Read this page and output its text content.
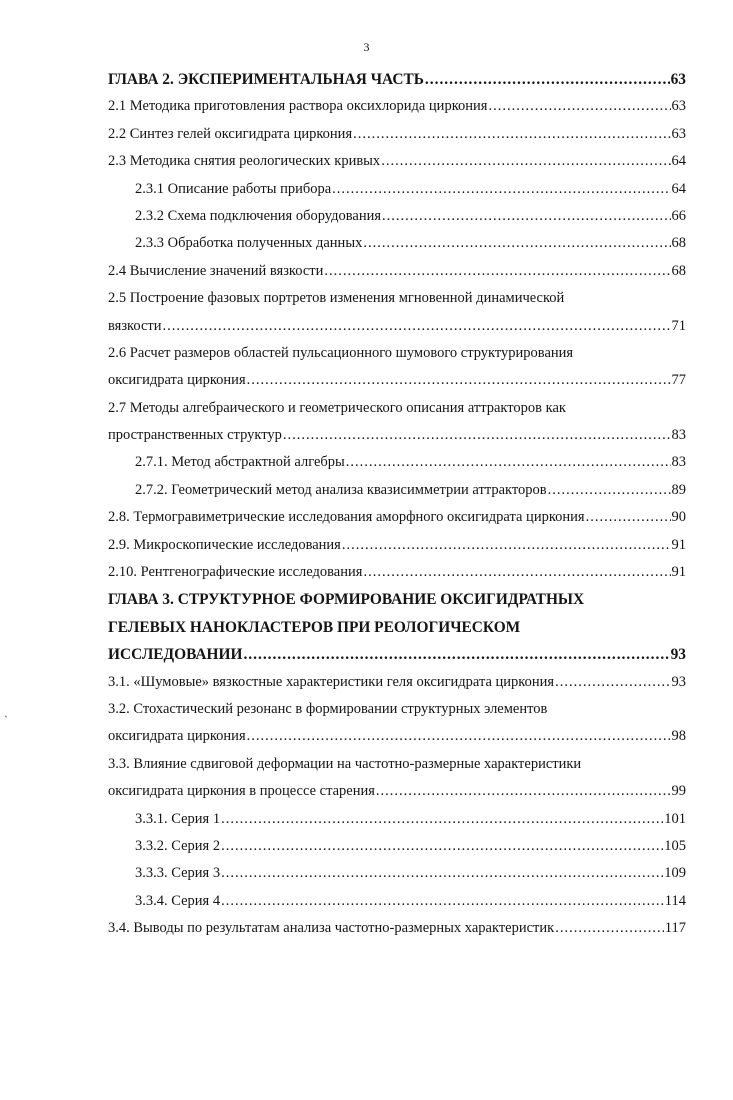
3
`
ГЛАВА 2. ЭКСПЕРИМЕНТАЛЬНАЯ ЧАСТЬ .....	63
2.1 Методика приготовления раствора оксихлорида циркония .....	63
2.2 Синтез гелей оксигидрата циркония .....	63
2.3 Методика снятия реологических кривых .....	64
2.3.1 Описание работы прибора .....	64
2.3.2 Схема подключения оборудования .....	66
2.3.3 Обработка полученных данных .....	68
2.4 Вычисление значений вязкости .....	68
2.5 Построение фазовых портретов изменения мгновенной динамической
вязкости .....	71
2.6 Расчет размеров областей пульсационного шумового структурирования
оксигидрата циркония .....	77
2.7 Методы алгебраического и геометрического описания аттракторов как
пространственных структур .....	83
2.7.1. Метод абстрактной алгебры .....	83
2.7.2. Геометрический метод анализа квазисимметрии аттракторов .....	89
2.8. Термогравиметрические исследования аморфного оксигидрата циркония .....	90
2.9. Микроскопические исследования .....	91
2.10. Рентгенографические исследования .....	91
ГЛАВА 3. СТРУКТУРНОЕ ФОРМИРОВАНИЕ ОКСИГИДРАТНЫХ
ГЕЛЕВЫХ НАНОКЛАСТЕРОВ ПРИ РЕОЛОГИЧЕСКОМ
ИССЛЕДОВАНИИ .....	93
3.1. «Шумовые» вязкостные характеристики геля оксигидрата циркония .....	93
3.2. Стохастический резонанс в формировании структурных элементов
оксигидрата циркония .....	98
3.3. Влияние сдвиговой деформации на частотно-размерные характеристики
оксигидрата циркония в процессе старения .....	99
3.3.1. Серия 1 .....	101
3.3.2. Серия 2 .....	105
3.3.3. Серия 3 .....	109
3.3.4. Серия 4 .....	114
3.4. Выводы по результатам анализа частотно-размерных характеристик .....	117
